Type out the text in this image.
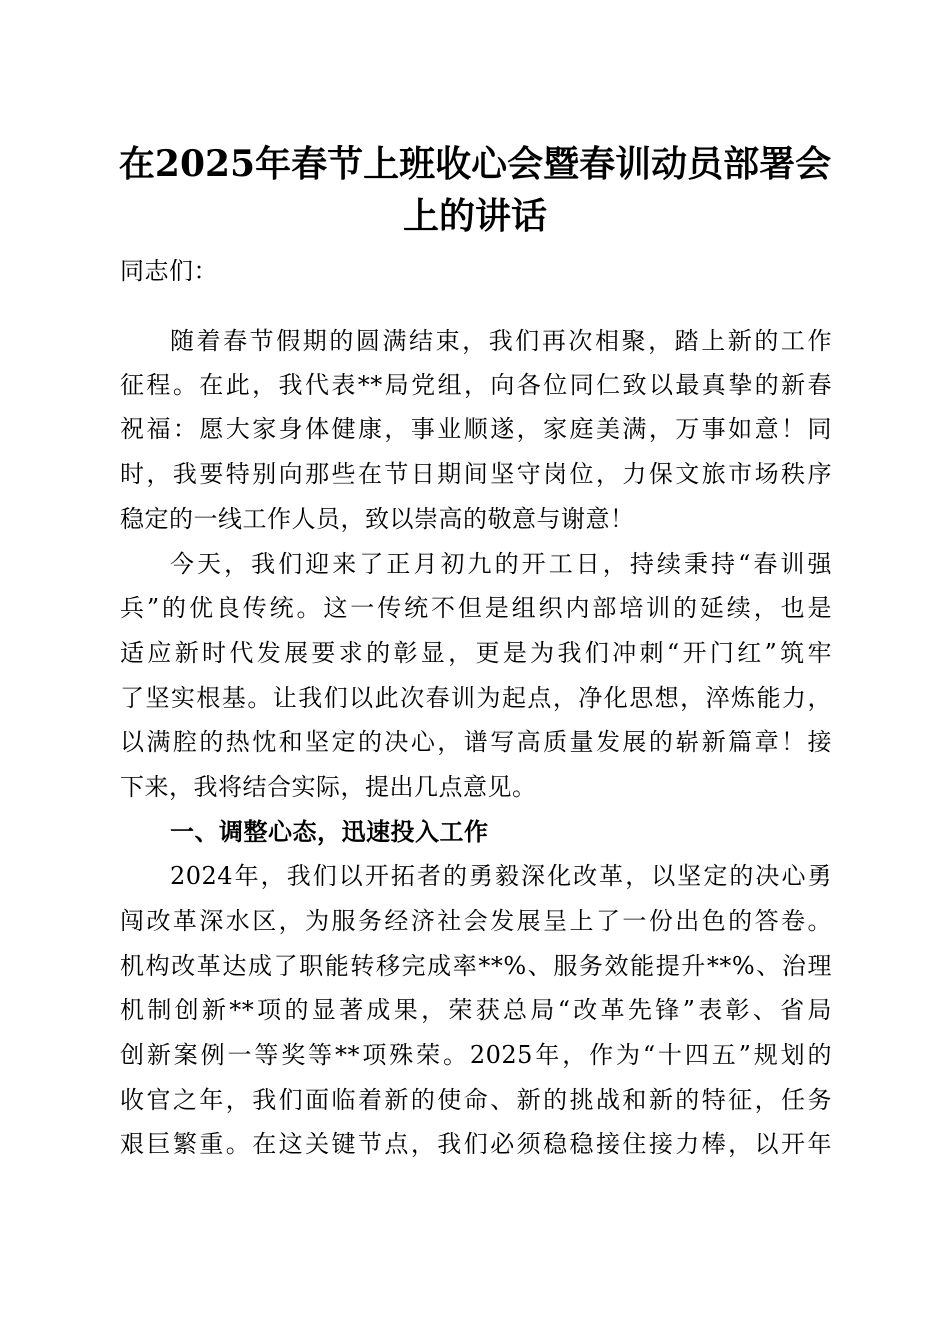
在2025年春节上班收心会暨春训动员部署会
上的讲话
同志们：
随着春节假期的圆满结束，我们再次相聚，踏上新的工作
征程。在此，我代表**局党组，向各位同仁致以最真挚的新春
祝福：愿大家身体健康，事业顺遂，家庭美满，万事如意！同
时，我要特别向那些在节日期间坚守岗位，力保文旅市场秩序
稳定的一线工作人员，致以崇高的敬意与谢意！
今天，我们迎来了正月初九的开工日，持续秉持“春训强
兵”的优良传统。这一传统不但是组织内部培训的延续，也是
适应新时代发展要求的彰显，更是为我们冲刺“开门红”筑牢
了坚实根基。让我们以此次春训为起点，净化思想，淬炼能力，
以满腔的热忱和坚定的决心，谱写高质量发展的崭新篇章！接
下来，我将结合实际，提出几点意见。
一、调整心态，迅速投入工作
2024年，我们以开拓者的勇毅深化改革，以坚定的决心勇
闯改革深水区，为服务经济社会发展呈上了一份出色的答卷。
机构改革达成了职能转移完成率**%、服务效能提升**%、治理
机制创新**项的显著成果，荣获总局“改革先锋”表彰、省局
创新案例一等奖等**项殊荣。2025年，作为“十四五”规划的
收官之年，我们面临着新的使命、新的挑战和新的特征，任务
艰巨繁重。在这关键节点，我们必须稳稳接住接力棒，以开年
